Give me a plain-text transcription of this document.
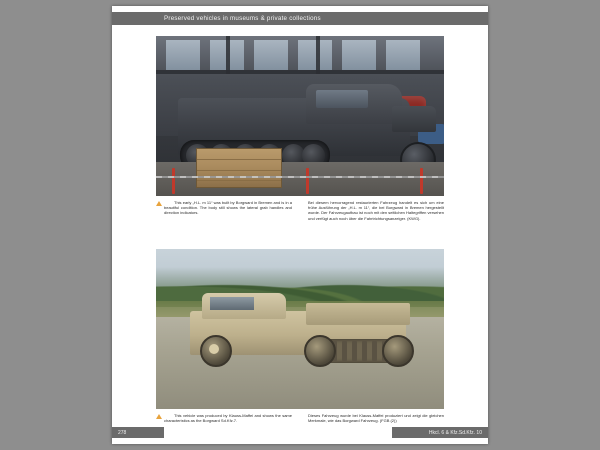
Preserved vehicles in museums & private collections
This early „H.L. m 11“ was built by Borgward in Bremen and is in a beautiful condition. The body still shows the lateral grab handles and direction indicators.
Bei diesem hervorragend restaurierten Fahrzeug handelt es sich um eine frühe Ausführung der „H.L. m 11“, die bei Borgward in Bremen hergestellt wurde. Der Fahrzeugaufbau ist noch mit den seitlichen Haltegriffen versehen und verfügt auch noch über die Fahrtrichtungsanzeiger. (KWG).
This vehicle was produced by Klauss-Maffei and shows the same characteristics as the Borgward Sd.Kfz.7.
Dieses Fahrzeug wurde bei Klauss-Maffei produziert und zeigt die gleichen Merkmale, wie das Borgward Fahrzeug. (FGB (2))
278	Hkcl. 6 & Kfz.Sd.Kfz. 10
